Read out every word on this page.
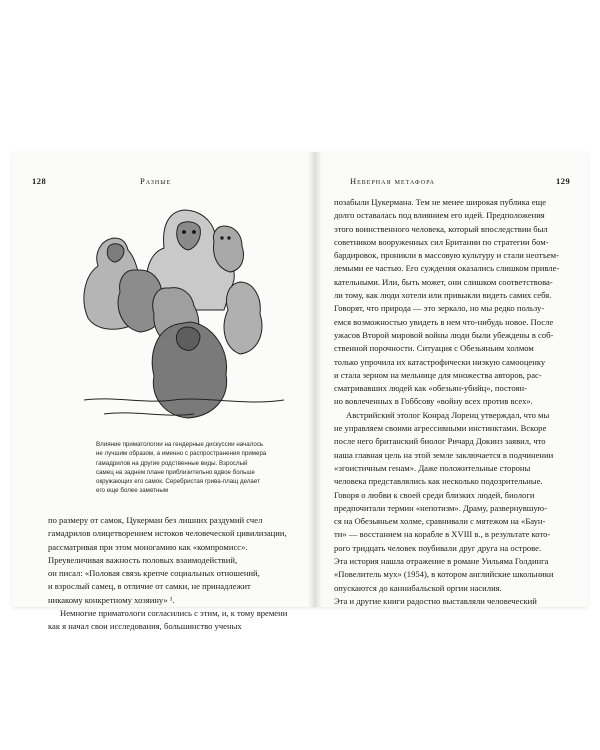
128	Разные
Влияние приматологии на гендерные дискуссии началось
не лучшим образом, а именно с распространения примера
гамадрилов на другие родственные виды. Взрослый
самец на заднем плане приблизительно вдвое больше
окружающих его самок. Серебристая грива-плащ делает
его еще более заметным
по размеру от самок, Цукерман без лишних раздумий счел
гамадрилов олицетворением истоков человеческой цивилизации,
рассматривая при этом моногамию как «компромисс».
Преувеличивая важность половых взаимодействий,
он писал: «Половая связь крепче социальных отношений,
и взрослый самец, в отличие от самки, не принадлежит
никакому конкретному хозяину» ¹.
Немногие приматологи согласились с этим, и, к тому времени
как я начал свои исследования, большинство ученых
Неверная метафора	129
позабыли Цукермана. Тем не менее широкая публика еще
долго оставалась под влиянием его идей. Предположения
этого воинственного человека, который впоследствии был
советником вооруженных сил Британии по стратегии бом-
бардировок, проникли в массовую культуру и стали неотъем-
лемыми ее частью. Его суждения оказались слишком привле-
кательными. Или, быть может, они слишком соответствова-
ли тому, как люди хотели или привыкли видеть самих себя.
Говорят, что природа — это зеркало, но мы редко пользу-
емся возможностью увидеть в нем что-нибудь новое. После
ужасов Второй мировой войны люди были убеждены в соб-
ственной порочности. Ситуация с Обезьяньим холмом
только упрочила их катастрофически низкую самооценку
и стала зерном на мельнице для множества авторов, рас-
сматривавших людей как «обезьян-убийц», постоян-
но вовлеченных в Гоббсову «войну всех против всех».
Австрийский этолог Конрад Лоренц утверждал, что мы
не управляем своими агрессивными инстинктами. Вскоре
после него британский биолог Ричард Докинз заявил, что
наша главная цель на этой земле заключается в подчинении
«эгоистичным генам». Даже положительные стороны
человека представлялись как несколько подозрительные.
Говоря о любви к своей среди близких людей, биологи
предпочитали термин «непотизм». Драму, развернувшую-
ся на Обезьяньем холме, сравнивали с мятежом на «Баун-
ти» — восстанием на корабле в XVIII в., в результате кото-
рого тридцать человек поубивали друг друга на острове.
Эта история нашла отражение в романе Уильяма Голдинга
«Повелитель мух» (1954), в котором английские школьники
опускаются до каннибальской оргии насилия.
Эта и другие книги радостно выставляли человеческий
